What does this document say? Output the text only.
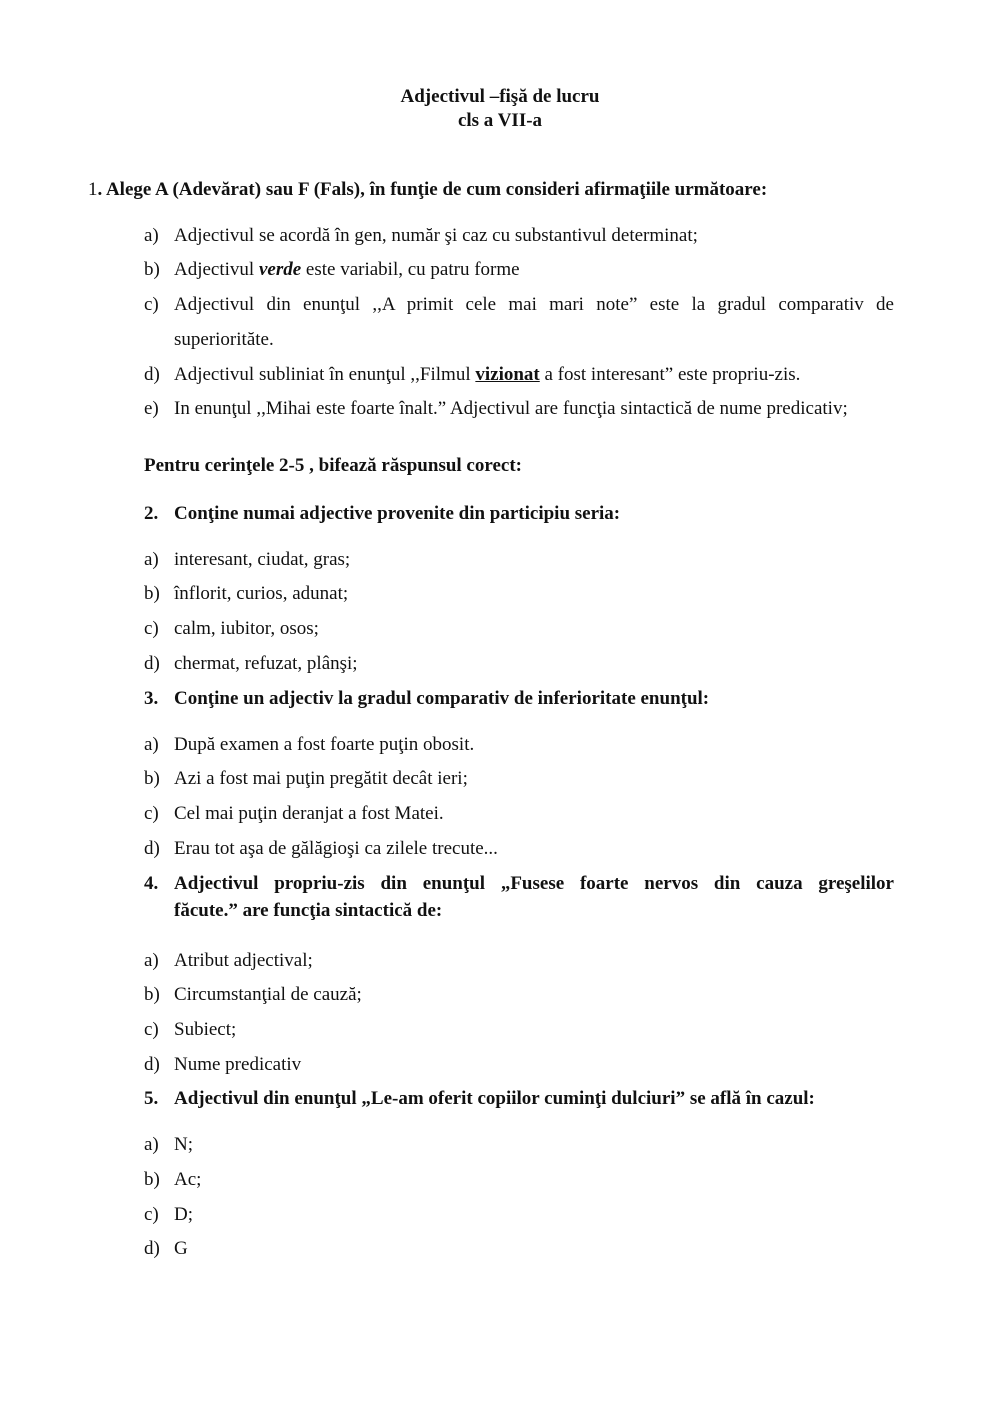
Adjectivul –fişă de lucru
cls a VII-a
1. Alege A (Adevărat) sau F (Fals), în funţie de cum consideri afirmaţiile următoare:
a) Adjectivul se acordă în gen, număr şi caz cu substantivul determinat;
b) Adjectivul verde este variabil, cu patru forme
c) Adjectivul din enunţul ,,A primit cele mai mari note” este la gradul comparativ de
superiorităte.
d) Adjectivul subliniat în enunţul ,,Filmul vizionat a fost interesant” este propriu-zis.
e) In enunţul ,,Mihai este foarte înalt.” Adjectivul are funcţia sintactică de nume predicativ;
Pentru cerinţele 2-5 , bifează răspunsul corect:
2. Conţine numai adjective provenite din participiu seria:
a) interesant, ciudat, gras;
b) înflorit, curios, adunat;
c) calm, iubitor, osos;
d) chermat, refuzat, plânşi;
3. Conţine un adjectiv la gradul comparativ de inferioritate enunţul:
a) După examen a fost foarte puţin obosit.
b) Azi a fost mai puţin pregătit decât ieri;
c) Cel mai puţin deranjat a fost Matei.
d) Erau tot aşa de gălăgioşi ca zilele trecute...
4. Adjectivul propriu-zis din enunţul „Fusese foarte nervos din cauza greşelilor
făcute.” are funcţia sintactică de:
a) Atribut adjectival;
b) Circumstanţial de cauză;
c) Subiect;
d) Nume predicativ
5. Adjectivul din enunţul „Le-am oferit copiilor cuminţi dulciuri” se află în cazul:
a) N;
b) Ac;
c) D;
d) G
